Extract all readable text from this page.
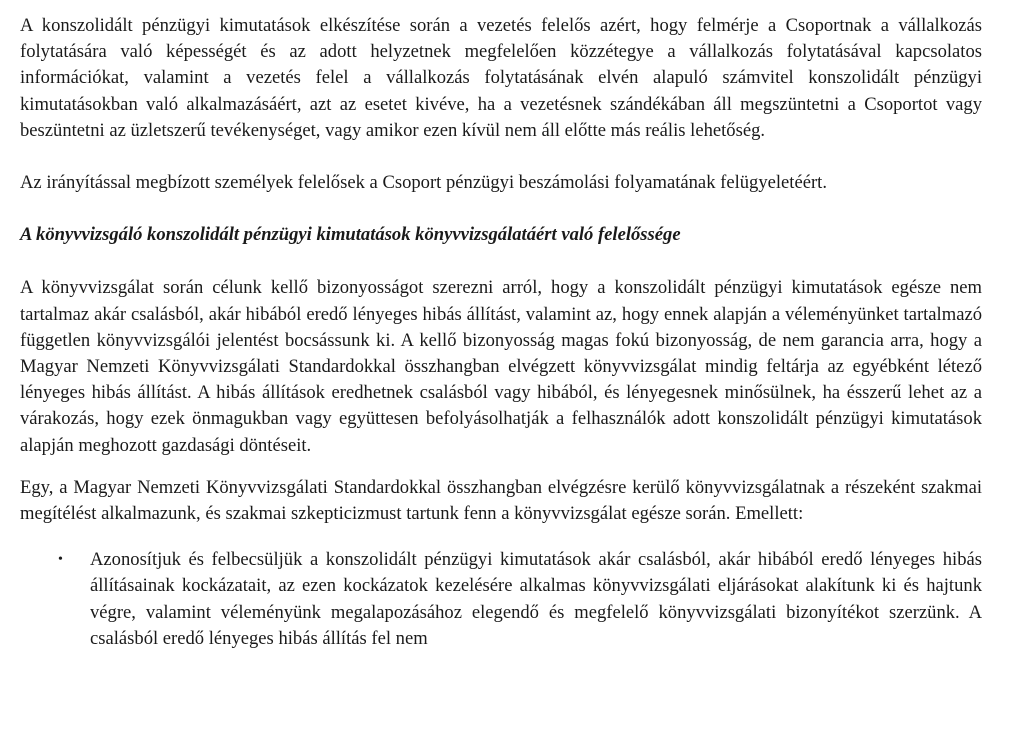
A konszolidált pénzügyi kimutatások elkészítése során a vezetés felelős azért, hogy felmérje a Csoportnak a vállalkozás folytatására való képességét és az adott helyzetnek megfelelően közzétegye a vállalkozás folytatásával kapcsolatos információkat, valamint a vezetés felel a vállalkozás folytatásának elvén alapuló számvitel konszolidált pénzügyi kimutatásokban való alkalmazásáért, azt az esetet kivéve, ha a vezetésnek szándékában áll megszüntetni a Csoportot vagy beszüntetni az üzletszerű tevékenységet, vagy amikor ezen kívül nem áll előtte más reális lehetőség.

Az irányítással megbízott személyek felelősek a Csoport pénzügyi beszámolási folyamatának felügyeletéért.

A könyvvizsgáló konszolidált pénzügyi kimutatások könyvvizsgálatáért való felelőssége

A könyvvizsgálat során célunk kellő bizonyosságot szerezni arról, hogy a konszolidált pénzügyi kimutatások egésze nem tartalmaz akár csalásból, akár hibából eredő lényeges hibás állítást, valamint az, hogy ennek alapján a véleményünket tartalmazó független könyvvizsgálói jelentést bocsássunk ki. A kellő bizonyosság magas fokú bizonyosság, de nem garancia arra, hogy a Magyar Nemzeti Könyvvizsgálati Standardokkal összhangban elvégzett könyvvizsgálat mindig feltárja az egyébként létező lényeges hibás állítást. A hibás állítások eredhetnek csalásból vagy hibából, és lényegesnek minősülnek, ha ésszerű lehet az a várakozás, hogy ezek önmagukban vagy együttesen befolyásolhatják a felhasználók adott konszolidált pénzügyi kimutatások alapján meghozott gazdasági döntéseit.

Egy, a Magyar Nemzeti Könyvvizsgálati Standardokkal összhangban elvégzésre kerülő könyvvizsgálatnak a részeként szakmai megítélést alkalmazunk, és szakmai szkepticizmust tartunk fenn a könyvvizsgálat egésze során. Emellett:

• Azonosítjuk és felbecsüljük a konszolidált pénzügyi kimutatások akár csalásból, akár hibából eredő lényeges hibás állításainak kockázatait, az ezen kockázatok kezelésére alkalmas könyvvizsgálati eljárásokat alakítunk ki és hajtunk végre, valamint véleményünk megalapozásához elegendő és megfelelő könyvvizsgálati bizonyítékot szerzünk. A csalásból eredő lényeges hibás állítás fel nem
